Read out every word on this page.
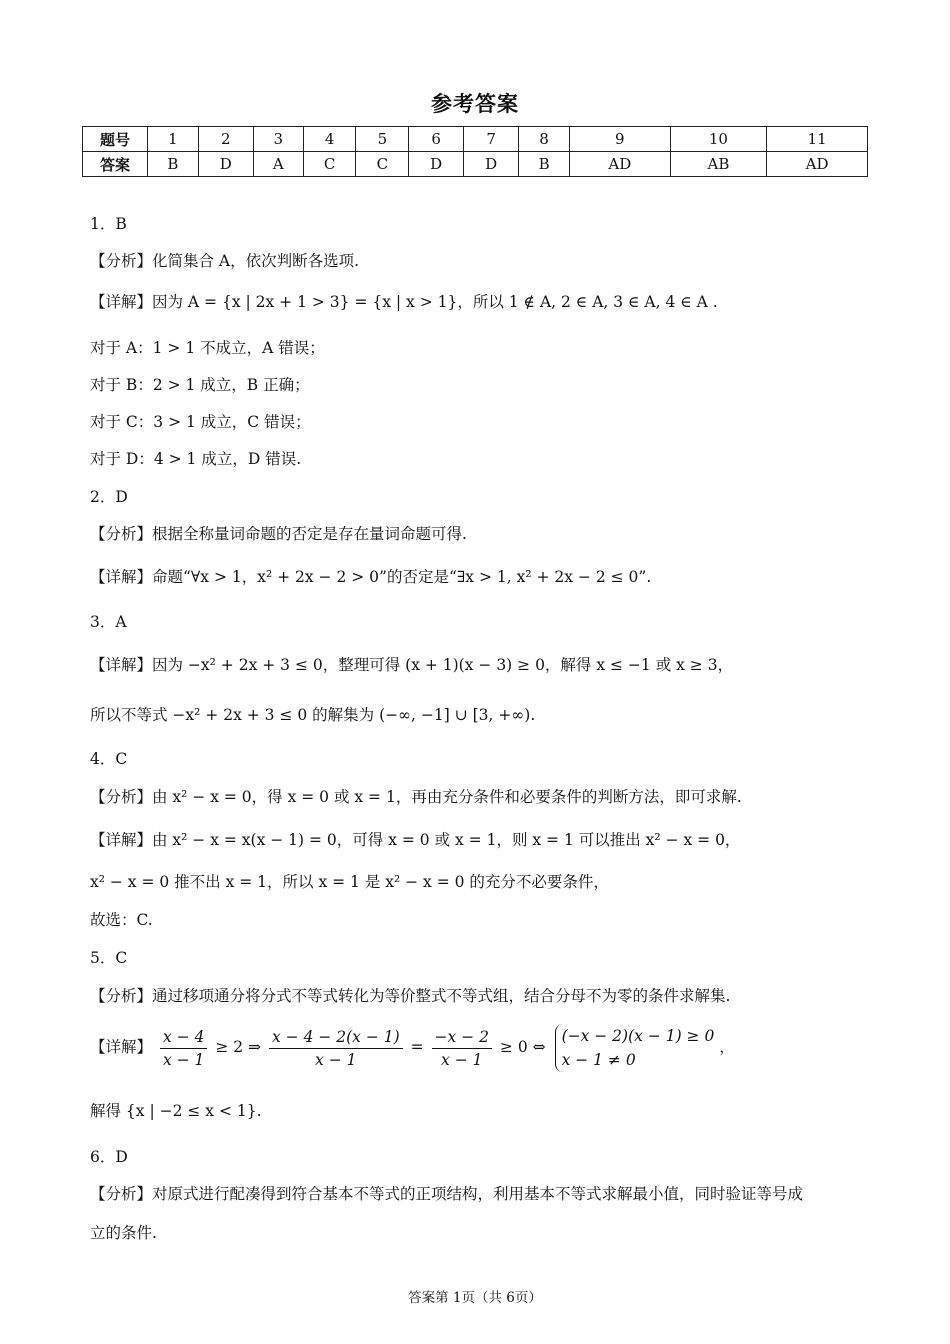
参考答案
题号	1	2	3	4	5	6	7	8	9	10	11
答案	B	D	A	C	C	D	D	B	AD	AB	AD
1．B
【分析】化简集合 A，依次判断各选项.
【详解】因为 A = {x | 2x + 1 > 3} = {x | x > 1}，所以 1 ∉ A, 2 ∈ A, 3 ∈ A, 4 ∈ A .
对于 A：1 > 1 不成立，A 错误；
对于 B：2 > 1 成立，B 正确；
对于 C：3 > 1 成立，C 错误；
对于 D：4 > 1 成立，D 错误.
2．D
【分析】根据全称量词命题的否定是存在量词命题可得.
【详解】命题“∀x > 1，x² + 2x − 2 > 0”的否定是“∃x > 1, x² + 2x − 2 ≤ 0”.
3．A
【详解】因为 −x² + 2x + 3 ≤ 0，整理可得 (x + 1)(x − 3) ≥ 0，解得 x ≤ −1 或 x ≥ 3，
所以不等式 −x² + 2x + 3 ≤ 0 的解集为 (−∞, −1] ∪ [3, +∞).
4．C
【分析】由 x² − x = 0，得 x = 0 或 x = 1，再由充分条件和必要条件的判断方法，即可求解.
【详解】由 x² − x = x(x − 1) = 0，可得 x = 0 或 x = 1，则 x = 1 可以推出 x² − x = 0，
x² − x = 0 推不出 x = 1，所以 x = 1 是 x² − x = 0 的充分不必要条件，
故选：C.
5．C
【分析】通过移项通分将分式不等式转化为等价整式不等式组，结合分母不为零的条件求解集.
【详解】 $\frac{x - 4}{x - 1} \ge 2$ ⇒ $\frac{x - 4 - 2(x - 1)}{x - 1} = \frac{-x - 2}{x - 1} \ge 0$ ⇔
(−x − 2)(x − 1) ≥ 0
x − 1 ≠ 0
，
解得 {x | −2 ≤ x < 1}.
6．D
【分析】对原式进行配凑得到符合基本不等式的正项结构，利用基本不等式求解最小值，同时验证等号成
立的条件.
答案第 1页（共 6页）
